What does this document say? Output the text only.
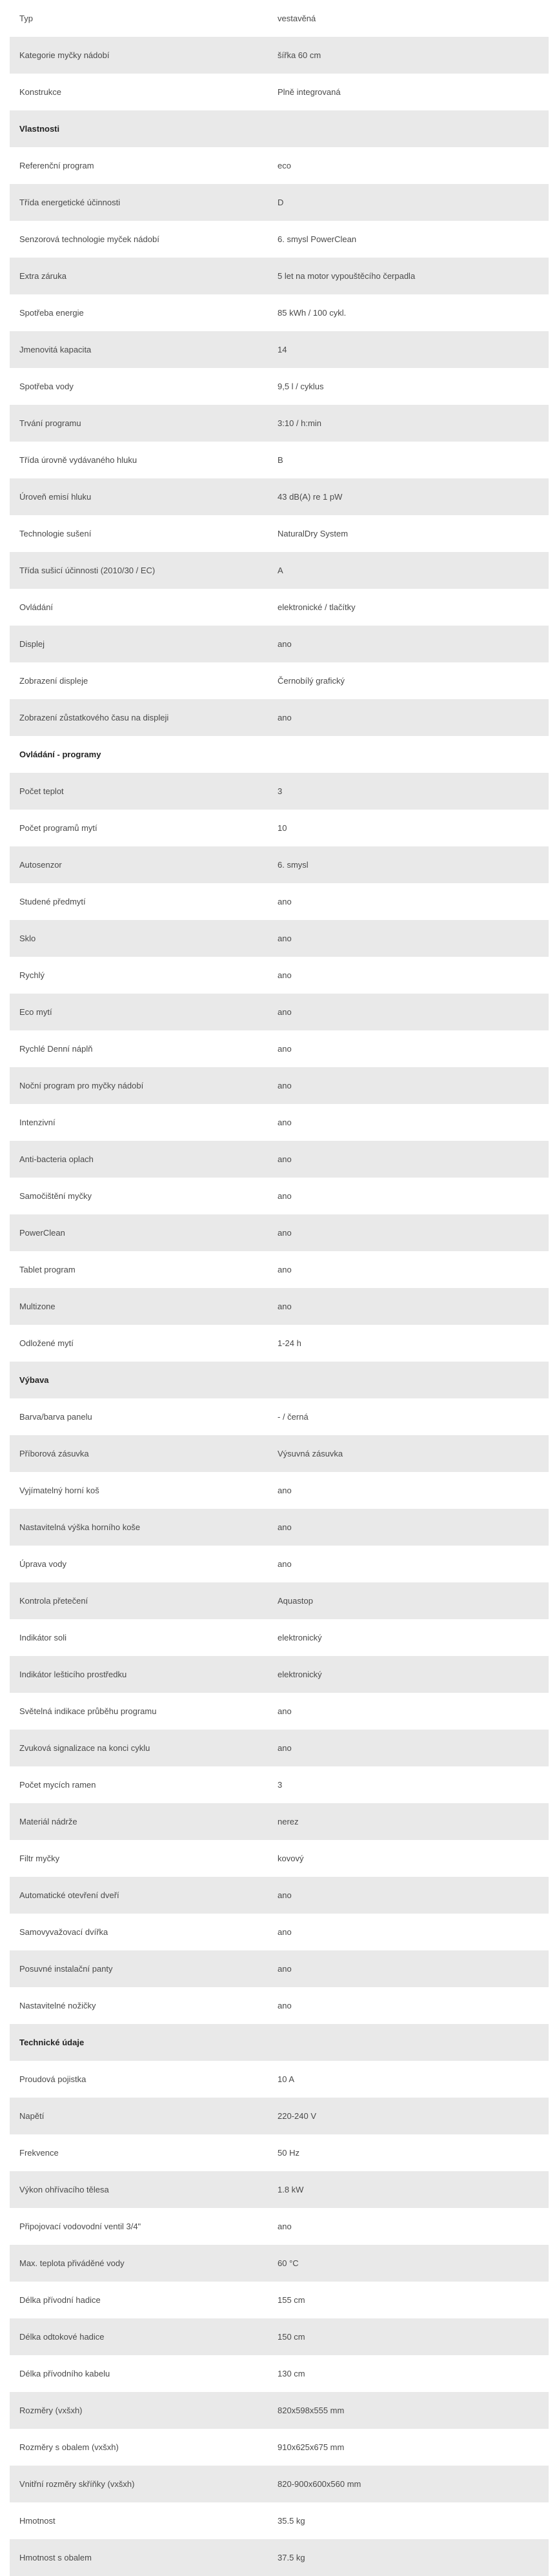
Typ	vestavěná
Kategorie myčky nádobí	šířka 60 cm
Konstrukce	Plně integrovaná
Vlastnosti
Referenční program	eco
Třída energetické účinnosti	D
Senzorová technologie myček nádobí	6. smysl PowerClean
Extra záruka	5 let na motor vypouštěcího čerpadla
Spotřeba energie	85 kWh / 100 cykl.
Jmenovitá kapacita	14
Spotřeba vody	9,5 l / cyklus
Trvání programu	3:10 / h:min
Třída úrovně vydávaného hluku	B
Úroveň emisí hluku	43 dB(A) re 1 pW
Technologie sušení	NaturalDry System
Třída sušicí účinnosti (2010/30 / EC)	A
Ovládání	elektronické / tlačítky
Displej	ano
Zobrazení displeje	Černobílý grafický
Zobrazení zůstatkového času na displeji	ano
Ovládání - programy
Počet teplot	3
Počet programů mytí	10
Autosenzor	6. smysl
Studené předmytí	ano
Sklo	ano
Rychlý	ano
Eco mytí	ano
Rychlé Denní náplň	ano
Noční program pro myčky nádobí	ano
Intenzivní	ano
Anti-bacteria oplach	ano
Samočištění myčky	ano
PowerClean	ano
Tablet program	ano
Multizone	ano
Odložené mytí	1-24 h
Výbava
Barva/barva panelu	- / černá
Příborová zásuvka	Výsuvná zásuvka
Vyjímatelný horní koš	ano
Nastavitelná výška horního koše	ano
Úprava vody	ano
Kontrola přetečení	Aquastop
Indikátor soli	elektronický
Indikátor lešticího prostředku	elektronický
Světelná indikace průběhu programu	ano
Zvuková signalizace na konci cyklu	ano
Počet mycích ramen	3
Materiál nádrže	nerez
Filtr myčky	kovový
Automatické otevření dveří	ano
Samovyvažovací dvířka	ano
Posuvné instalační panty	ano
Nastavitelné nožičky	ano
Technické údaje
Proudová pojistka	10 A
Napětí	220-240 V
Frekvence	50 Hz
Výkon ohřívacího tělesa	1.8 kW
Připojovací vodovodní ventil 3/4"	ano
Max. teplota přiváděné vody	60 °C
Délka přívodní hadice	155 cm
Délka odtokové hadice	150 cm
Délka přívodního kabelu	130 cm
Rozměry (vxšxh)	820x598x555 mm
Rozměry s obalem (vxšxh)	910x625x675 mm
Vnitřní rozměry skříňky (vxšxh)	820-900x600x560 mm
Hmotnost	35.5 kg
Hmotnost s obalem	37.5 kg
